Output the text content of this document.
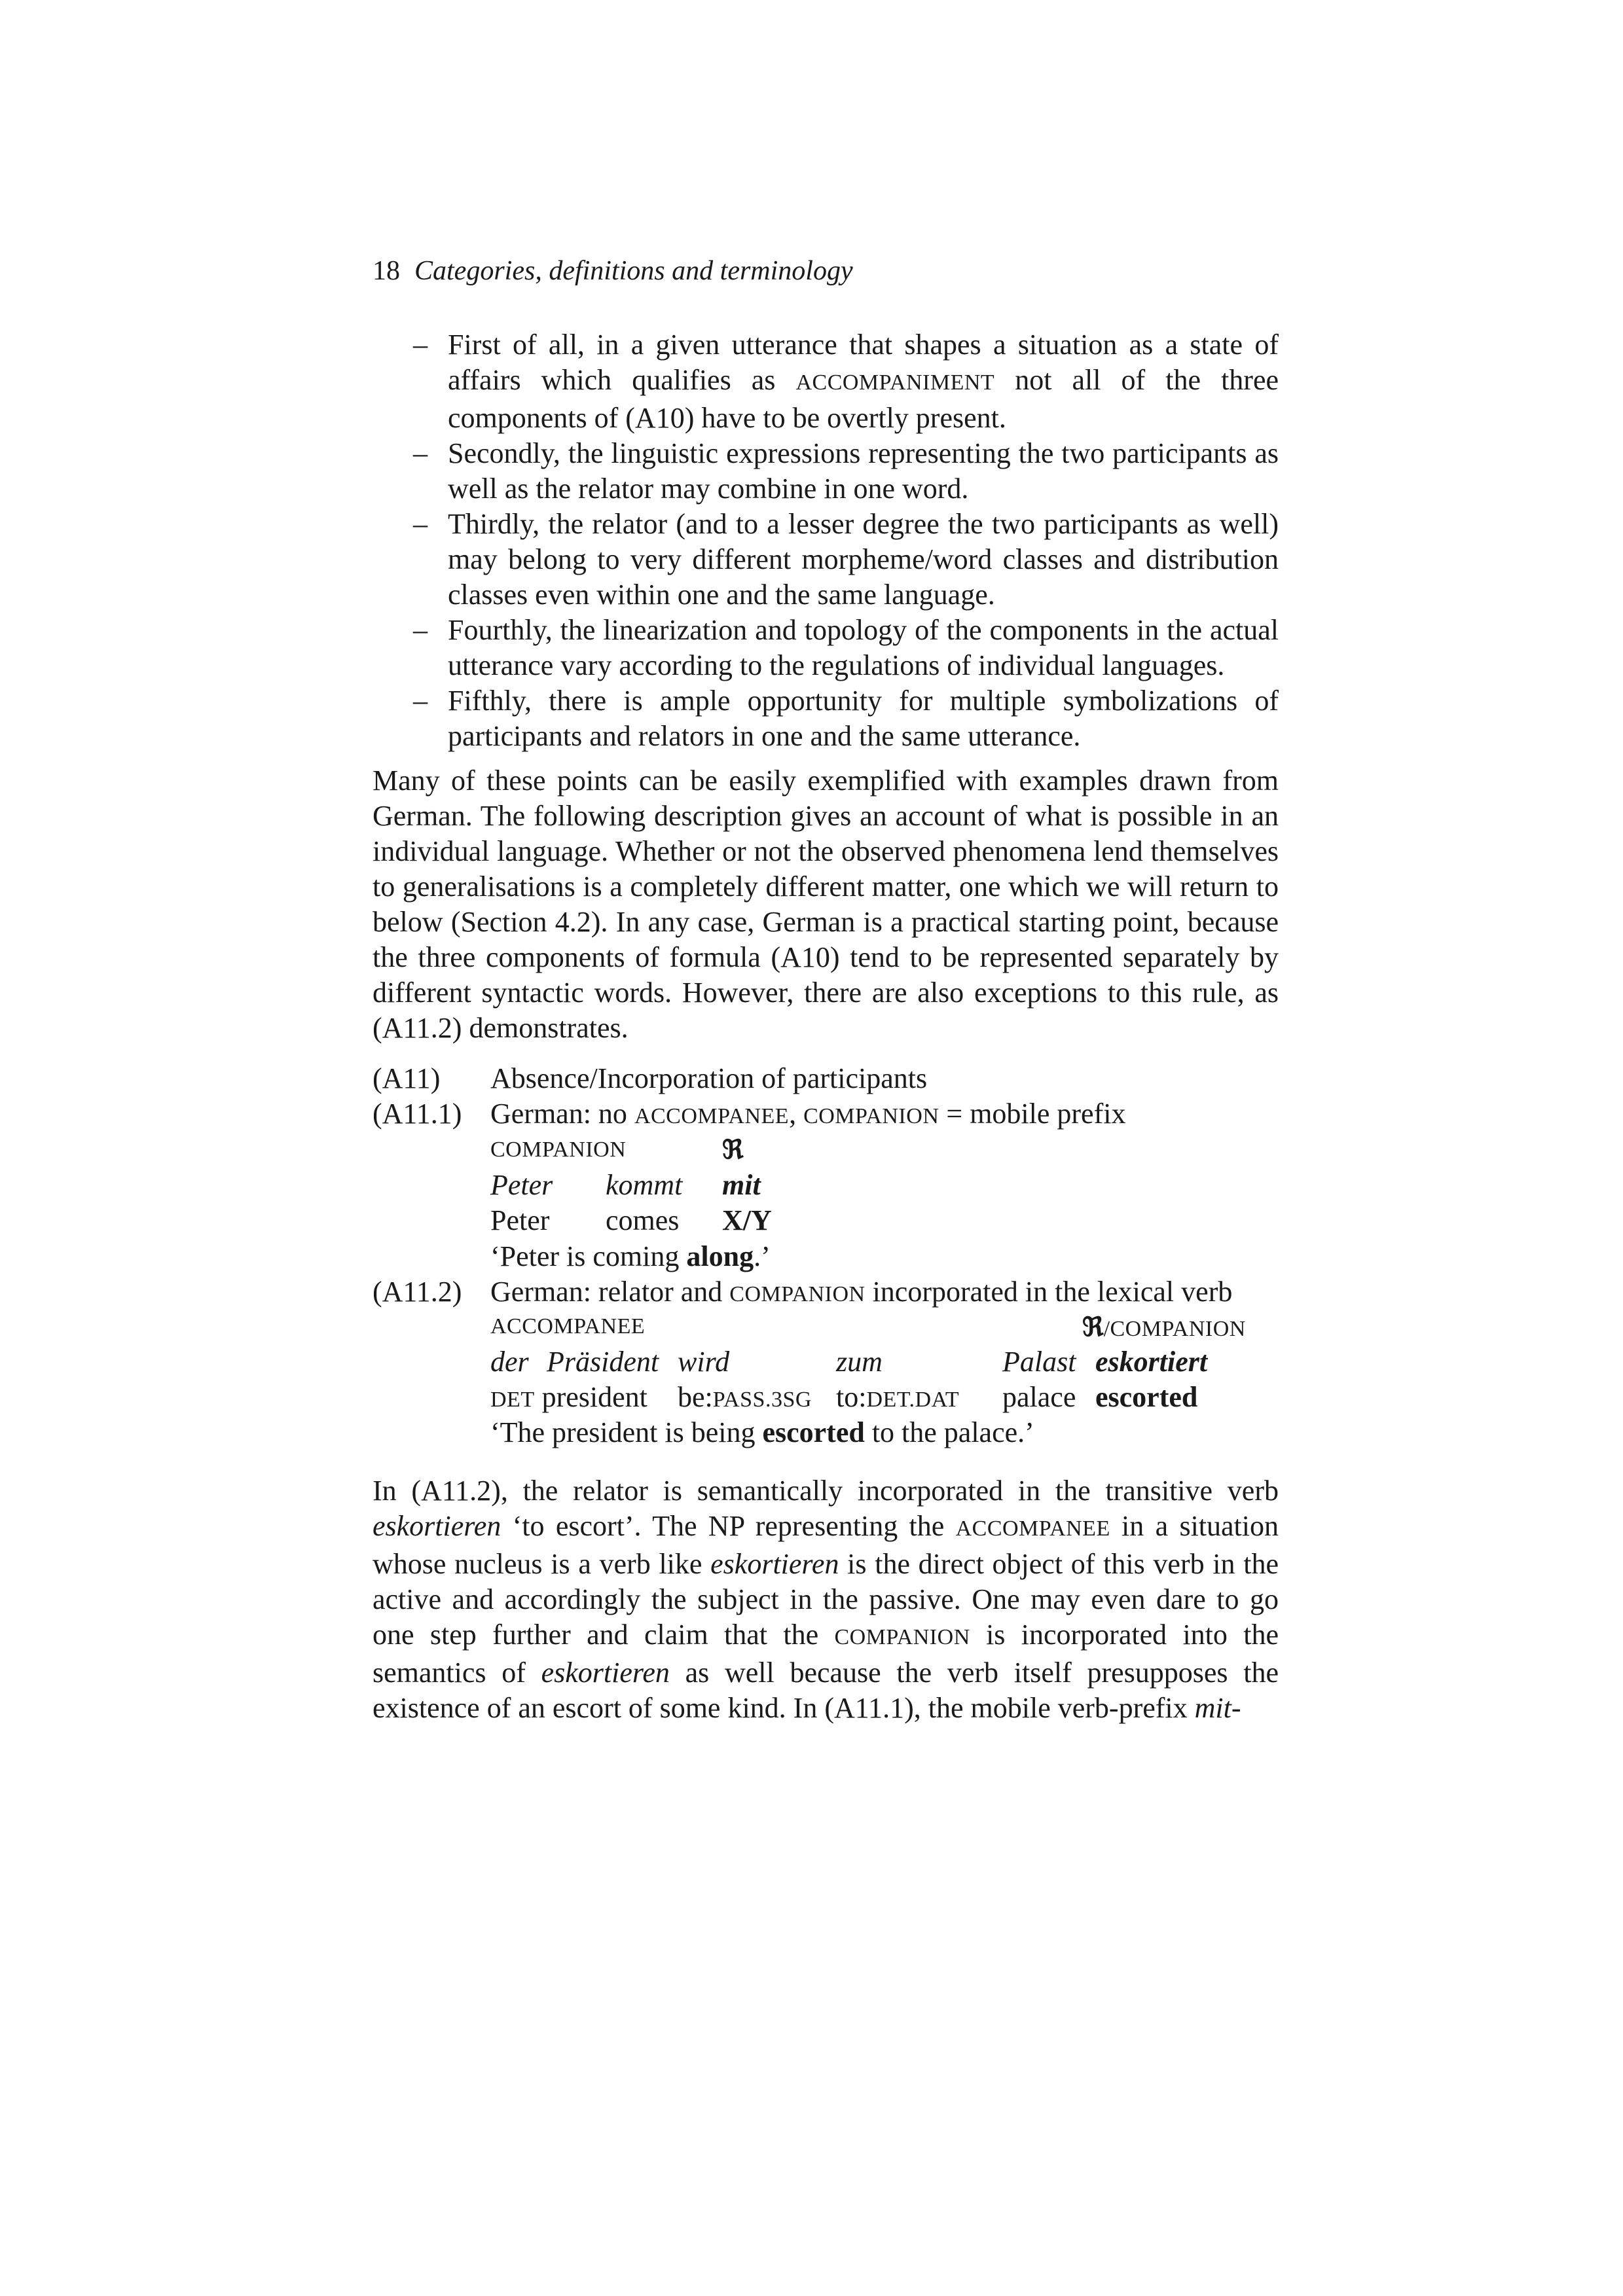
18 Categories, definitions and terminology
– First of all, in a given utterance that shapes a situation as a state of affairs which qualifies as ACCOMPANIMENT not all of the three components of (A10) have to be overtly present.
– Secondly, the linguistic expressions representing the two participants as well as the relator may combine in one word.
– Thirdly, the relator (and to a lesser degree the two participants as well) may belong to very different morpheme/word classes and distribution classes even within one and the same language.
– Fourthly, the linearization and topology of the components in the actual utterance vary according to the regulations of individual languages.
– Fifthly, there is ample opportunity for multiple symbolizations of participants and relators in one and the same utterance.

Many of these points can be easily exemplified with examples drawn from German. The following description gives an account of what is possible in an individual language. Whether or not the observed phenomena lend themselves to generalisations is a completely different matter, one which we will return to below (Section 4.2). In any case, German is a practical starting point, because the three components of formula (A10) tend to be represented separately by different syntactic words. However, there are also exceptions to this rule, as (A11.2) demonstrates.

(A11) Absence/Incorporation of participants
(A11.1) German: no ACCOMPANEE, COMPANION = mobile prefix
COMPANION	ℜ
Peter kommt mit
Peter comes X/Y
‘Peter is coming along.’
(A11.2) German: relator and COMPANION incorporated in the lexical verb
ACCOMPANEE	ℜ/COMPANION
der Präsident wird	zum	Palast eskortiert
DET president be:PASS.3SG to:DET.DAT palace escorted
‘The president is being escorted to the palace.’

In (A11.2), the relator is semantically incorporated in the transitive verb eskortieren ‘to escort’. The NP representing the ACCOMPANEE in a situation whose nucleus is a verb like eskortieren is the direct object of this verb in the active and accordingly the subject in the passive. One may even dare to go one step further and claim that the COMPANION is incorporated into the semantics of eskortieren as well because the verb itself presupposes the existence of an escort of some kind. In (A11.1), the mobile verb-prefix mit-
